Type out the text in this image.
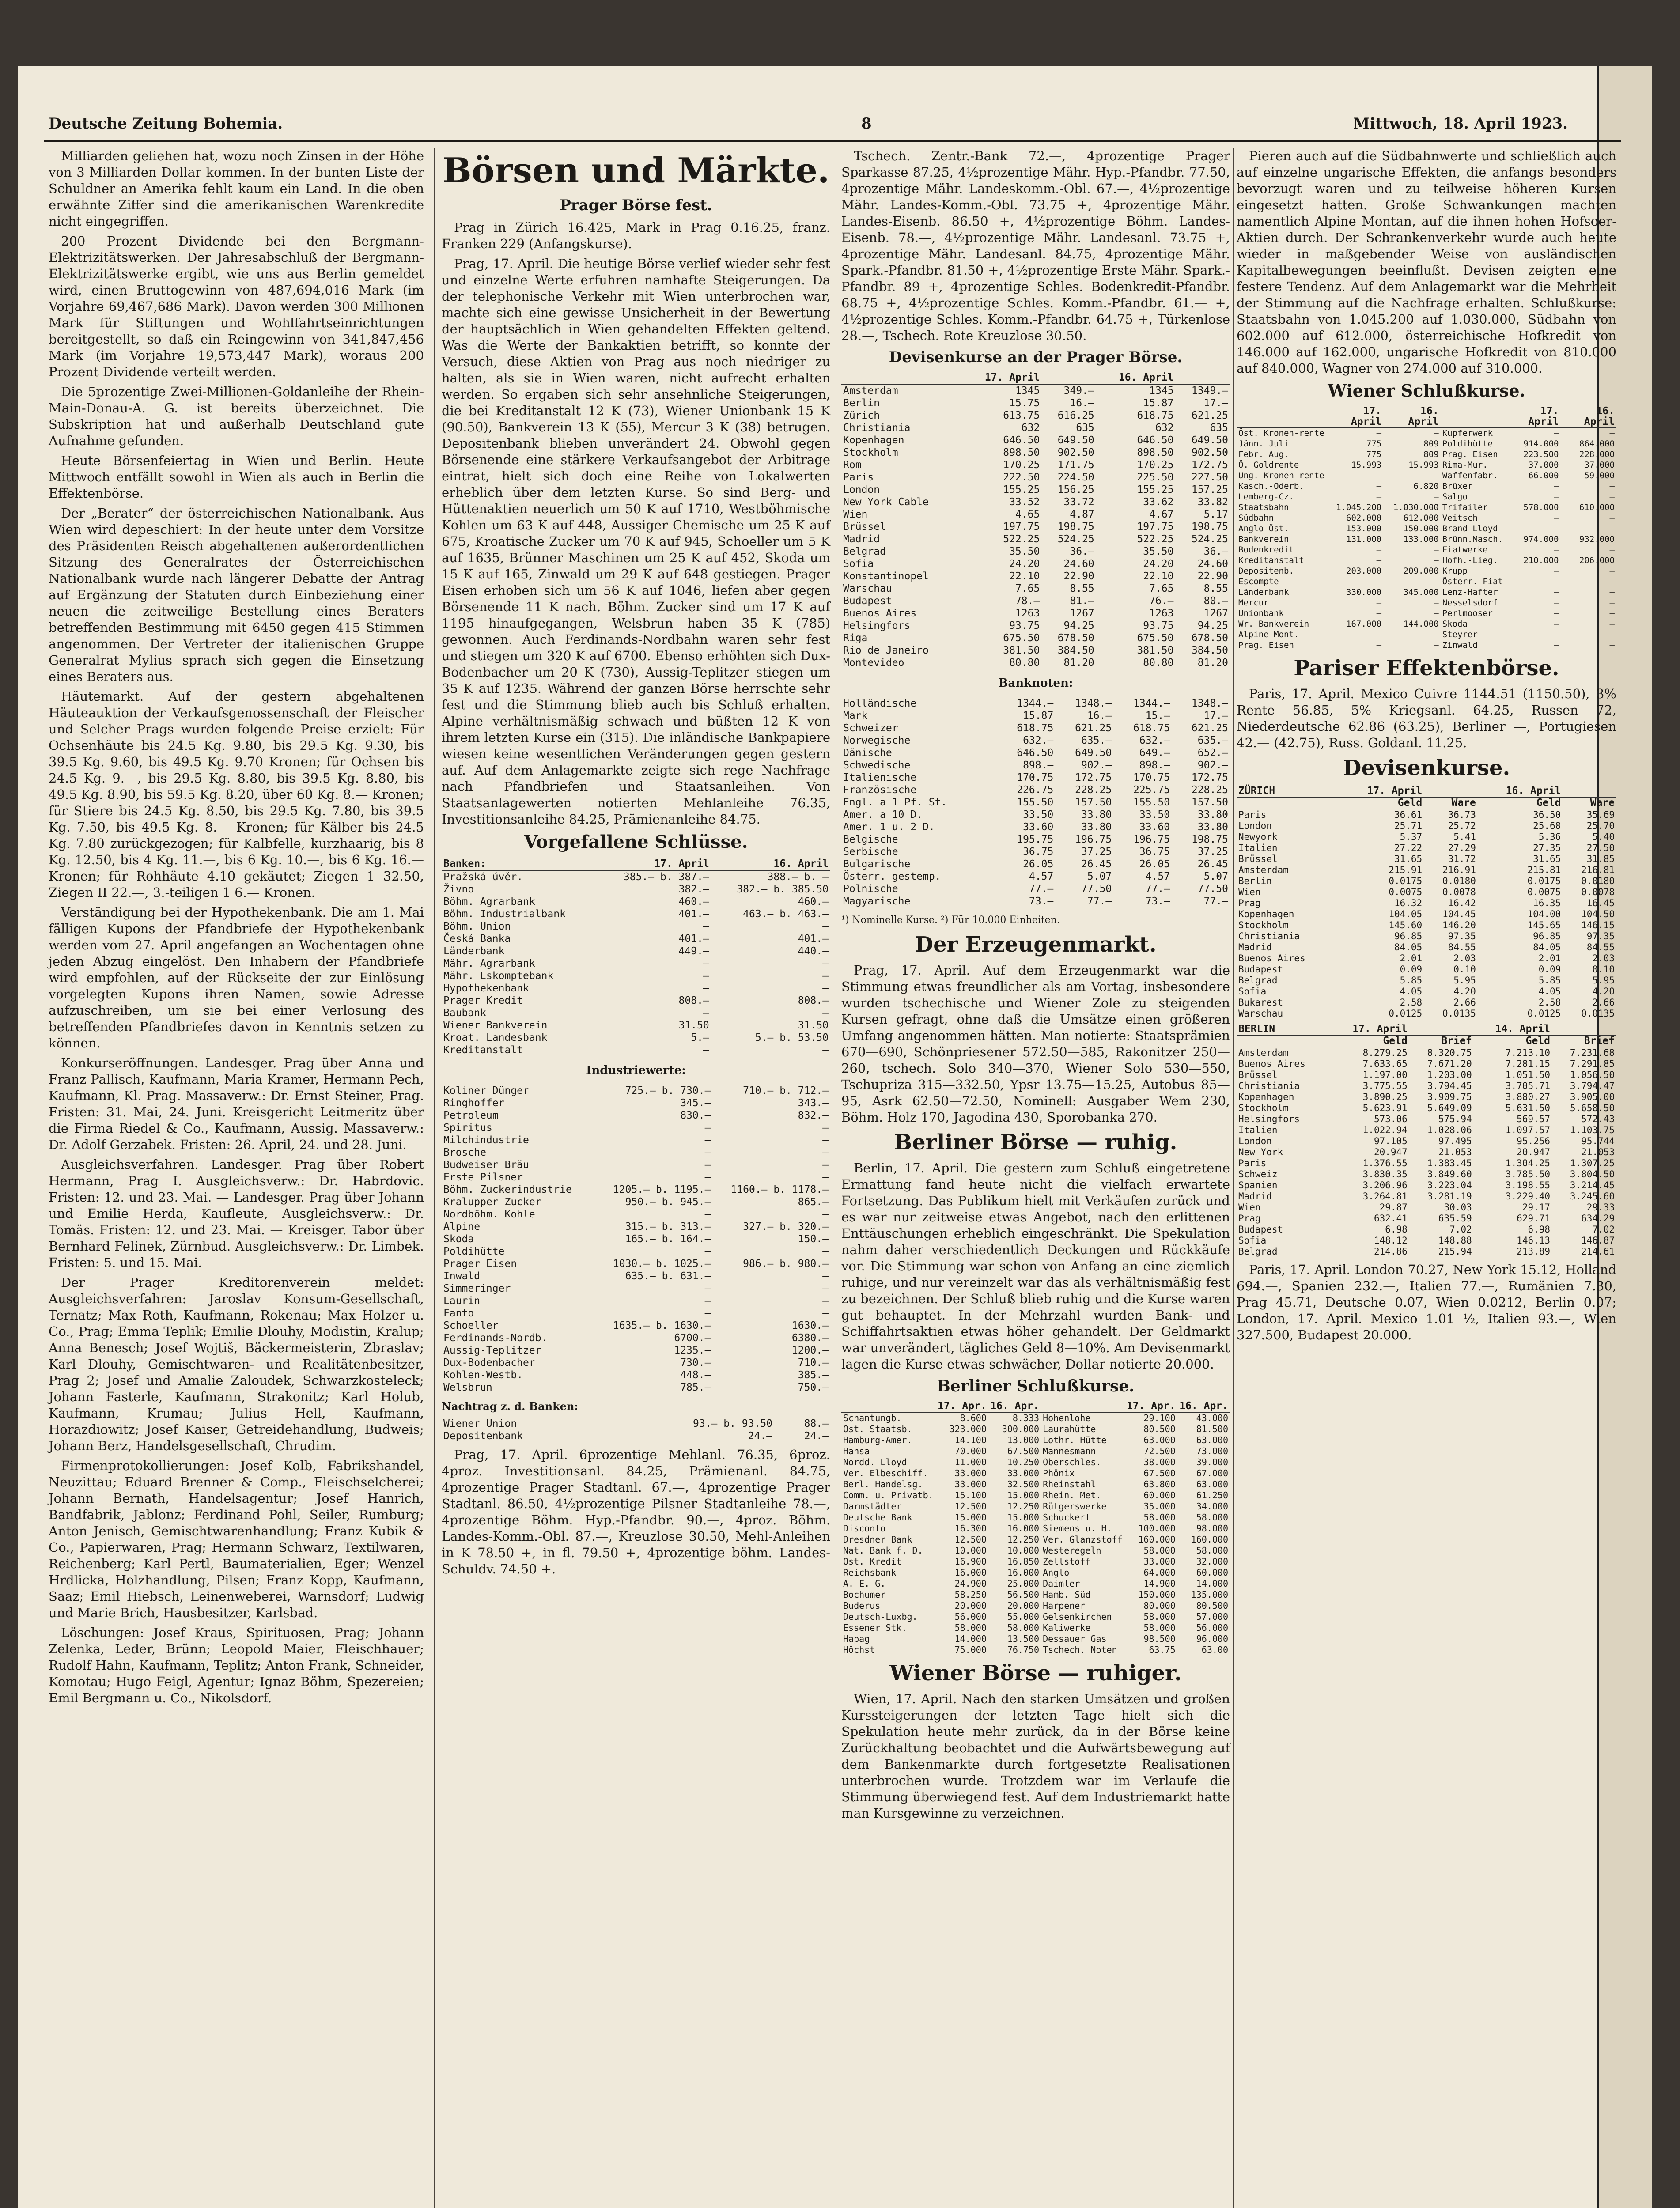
Deutsche Zeitung Bohemia.	8	Mittwoch, 18. April 1923.

Milliarden geliehen hat, wozu noch Zinsen in der Höhe von 3 Milliarden Dollar kommen. In der bunten Liste der Schuldner an Amerika fehlt kaum ein Land. In die oben erwähnte Ziffer sind die amerikanischen Warenkredite nicht eingegriffen.

200 Prozent Dividende bei den Bergmann-Elektrizitätswerken. Der Jahresabschluß der Bergmann-Elektrizitätswerke ergibt, wie uns aus Berlin gemeldet wird, einen Bruttogewinn von 487,694,016 Mark (im Vorjahre 69,467,686 Mark). Davon werden 300 Millionen Mark für Stiftungen und Wohlfahrtseinrichtungen bereitgestellt, so daß ein Reingewinn von 341,847,456 Mark (im Vorjahre 19,573,447 Mark), woraus 200 Prozent Dividende verteilt werden.

Die 5prozentige Zwei-Millionen-Goldanleihe der Rhein-Main-Donau-A. G. ist bereits überzeichnet. Die Subskription hat und außerhalb Deutschland gute Aufnahme gefunden.

Heute Börsenfeiertag in Wien und Berlin. Heute Mittwoch entfällt sowohl in Wien als auch in Berlin die Effektenbörse.

Der „Berater“ der österreichischen Nationalbank. Aus Wien wird depeschiert: In der heute unter dem Vorsitze des Präsidenten Reisch abgehaltenen außerordentlichen Sitzung des Generalrates der Österreichischen Nationalbank wurde nach längerer Debatte der Antrag auf Ergänzung der Statuten durch Einbeziehung einer neuen die zeitweilige Bestellung eines Beraters betreffenden Bestimmung mit 6450 gegen 415 Stimmen angenommen. Der Vertreter der italienischen Gruppe Generalrat Mylius sprach sich gegen die Einsetzung eines Beraters aus.

Häutemarkt. Auf der gestern abgehaltenen Häuteauktion der Verkaufsgenossenschaft der Fleischer und Selcher Prags wurden folgende Preise erzielt: Für Ochsenhäute bis 24.5 Kg. 9.80, bis 29.5 Kg. 9.30, bis 39.5 Kg. 9.60, bis 49.5 Kg. 9.70 Kronen; für Ochsen bis 24.5 Kg. 9.—, bis 29.5 Kg. 8.80, bis 39.5 Kg. 8.80, bis 49.5 Kg. 8.90, bis 59.5 Kg. 8.20, über 60 Kg. 8.— Kronen; für Stiere bis 24.5 Kg. 8.50, bis 29.5 Kg. 7.80, bis 39.5 Kg. 7.50, bis 49.5 Kg. 8.— Kronen; für Kälber bis 24.5 Kg. 7.80 zurückgezogen; für Kalbfelle, kurzhaarig, bis 8 Kg. 12.50, bis 4 Kg. 11.—, bis 6 Kg. 10.—, bis 6 Kg. 16.— Kronen; für Rohhäute 4.10 gekäutet; Ziegen 1 32.50, Ziegen II 22.—, 3.-teiligen 1 6.— Kronen.

Verständigung bei der Hypothekenbank. Die am 1. Mai fälligen Kupons der Pfandbriefe der Hypothekenbank werden vom 27. April angefangen an Wochentagen ohne jeden Abzug eingelöst. Den Inhabern der Pfandbriefe wird empfohlen, auf der Rückseite der zur Einlösung vorgelegten Kupons ihren Namen, sowie Adresse aufzuschreiben, um sie bei einer Verlosung des betreffenden Pfandbriefes davon in Kenntnis setzen zu können.

Konkurseröffnungen. Landesger. Prag über Anna und Franz Pallisch, Kaufmann, Maria Kramer, Hermann Pech, Kaufmann, Kl. Prag. Massaverw.: Dr. Ernst Steiner, Prag. Fristen: 31. Mai, 24. Juni. Kreisgericht Leitmeritz über die Firma Riedel & Co., Kaufmann, Aussig. Massaverw.: Dr. Adolf Gerzabek. Fristen: 26. April, 24. und 28. Juni.

Ausgleichsverfahren. Landesger. Prag über Robert Hermann, Prag I. Ausgleichsverw.: Dr. Habrdovic. Fristen: 12. und 23. Mai. — Landesger. Prag über Johann und Emilie Herda, Kaufleute, Ausgleichsverw.: Dr. Tomäs. Fristen: 12. und 23. Mai. — Kreisger. Tabor über Bernhard Felinek, Zürnbud. Ausgleichsverw.: Dr. Limbek. Fristen: 5. und 15. Mai.

Der Prager Kreditorenverein meldet: Ausgleichsverfahren: Jaroslav Konsum-Gesellschaft, Ternatz; Max Roth, Kaufmann, Rokenau; Max Holzer u. Co., Prag; Emma Teplik; Emilie Dlouhy, Modistin, Kralup; Anna Benesch; Josef Wojtiš, Bäckermeisterin, Zbraslav; Karl Dlouhy, Gemischtwaren- und Realitätenbesitzer, Prag 2; Josef und Amalie Zaloudek, Schwarzkosteleck; Johann Fasterle, Kaufmann, Strakonitz; Karl Holub, Kaufmann, Krumau; Julius Hell, Kaufmann, Horazdiowitz; Josef Kaiser, Getreidehandlung, Budweis; Johann Berz, Handelsgesellschaft, Chrudim.

Firmenprotokollierungen: Josef Kolb, Fabrikshandel, Neuzittau; Eduard Brenner & Comp., Fleischselcherei; Johann Bernath, Handelsagentur; Josef Hanrich, Bandfabrik, Jablonz; Ferdinand Pohl, Seiler, Rumburg; Anton Jenisch, Gemischtwarenhandlung; Franz Kubik & Co., Papierwaren, Prag; Hermann Schwarz, Textilwaren, Reichenberg; Karl Pertl, Baumaterialien, Eger; Wenzel Hrdlicka, Holzhandlung, Pilsen; Franz Kopp, Kaufmann, Saaz; Emil Hiebsch, Leinenweberei, Warnsdorf; Ludwig und Marie Brich, Hausbesitzer, Karlsbad.

Löschungen: Josef Kraus, Spirituosen, Prag; Johann Zelenka, Leder, Brünn; Leopold Maier, Fleischhauer; Rudolf Hahn, Kaufmann, Teplitz; Anton Frank, Schneider, Komotau; Hugo Feigl, Agentur; Ignaz Böhm, Spezereien; Emil Bergmann u. Co., Nikolsdorf.

Börsen und Märkte.
Prager Börse fest.

Prag in Zürich 16.425, Mark in Prag 0.16.25, franz. Franken 229 (Anfangskurse).

Prag, 17. April. Die heutige Börse verlief wieder sehr fest und einzelne Werte erfuhren namhafte Steigerungen. Da der telephonische Verkehr mit Wien unterbrochen war, machte sich eine gewisse Unsicherheit in der Bewertung der hauptsächlich in Wien gehandelten Effekten geltend. Was die Werte der Bankaktien betrifft, so konnte der Versuch, diese Aktien von Prag aus noch niedriger zu halten, als sie in Wien waren, nicht aufrecht erhalten werden. So ergaben sich sehr ansehnliche Steigerungen, die bei Kreditanstalt 12 K (73), Wiener Unionbank 15 K (90.50), Bankverein 13 K (55), Mercur 3 K (38) betrugen. Depositenbank blieben unverändert 24. Obwohl gegen Börsenende eine stärkere Verkaufsangebot der Arbitrage eintrat, hielt sich doch eine Reihe von Lokalwerten erheblich über dem letzten Kurse. So sind Berg- und Hüttenaktien neuerlich um 50 K auf 1710, Westböhmische Kohlen um 63 K auf 448, Aussiger Chemische um 25 K auf 675, Kroatische Zucker um 70 K auf 945, Schoeller um 5 K auf 1635, Brünner Maschinen um 25 K auf 452, Skoda um 15 K auf 165, Zinwald um 29 K auf 648 gestiegen. Prager Eisen erhoben sich um 56 K auf 1046, liefen aber gegen Börsenende 11 K nach. Böhm. Zucker sind um 17 K auf 1195 hinaufgegangen, Welsbrun haben 35 K (785) gewonnen. Auch Ferdinands-Nordbahn waren sehr fest und stiegen um 320 K auf 6700. Ebenso erhöhten sich Dux-Bodenbacher um 20 K (730), Aussig-Teplitzer stiegen um 35 K auf 1235. Während der ganzen Börse herrschte sehr fest und die Stimmung blieb auch bis Schluß erhalten. Alpine verhältnismäßig schwach und büßten 12 K von ihrem letzten Kurse ein (315). Die inländische Bankpapiere wiesen keine wesentlichen Veränderungen gegen gestern auf. Auf dem Anlagemarkte zeigte sich rege Nachfrage nach Pfandbriefen und Staatsanleihen. Von Staatsanlagewerten notierten Mehlanleihe 76.35, Investitionsanleihe 84.25, Prämienanleihe 84.75.

Vorgefallene Schlüsse.
Banken:	17. April	16. April
Pražská úvěr.	385.— b. 387.—	388.— b. —
Živno	382.—	382.— b. 385.50
Böhm. Agrarbank	460.—	460.—
Böhm. Industrialbank	401.—	463.— b. 463.—
Böhm. Union	—	—
Česká Banka	401.—	401.—
Länderbank	449.—	440.—
Mähr. Agrarbank	—	—
Mähr. Eskomptebank	—	—
Hypothekenbank	—	—
Prager Kredit	808.—	808.—
Baubank	—	—
Wiener Bankverein	31.50	31.50
Kroat. Landesbank	5.—	5.— b. 53.50
Kreditanstalt	—	—
Industriewerte:
Koliner Dünger	725.— b. 730.—	710.— b. 712.—
Ringhoffer	345.—	343.—
Petroleum	830.—	832.—
Spiritus	—	—
Milchindustrie	—	—
Brosche	—	—
Budweiser Bräu	—	—
Erste Pilsner	—	—
Böhm. Zuckerindustrie	1205.— b. 1195.—	1160.— b. 1178.—
Kralupper Zucker	950.— b. 945.—	865.—
Nordböhm. Kohle	—	—
Alpine	315.— b. 313.—	327.— b. 320.—
Skoda	165.— b. 164.—	150.—
Poldihütte	—	—
Prager Eisen	1030.— b. 1025.—	986.— b. 980.—
Inwald	635.— b. 631.—	—
Simmeringer	—	—
Laurin	—	—
Fanto	—	—
Schoeller	1635.— b. 1630.—	1630.—
Ferdinands-Nordb.	6700.—	6380.—
Aussig-Teplitzer	1235.—	1200.—
Dux-Bodenbacher	730.—	710.—
Kohlen-Westb.	448.—	385.—
Welsbrun	785.—	750.—
Nachtrag z. d. Banken:
Wiener Union	93.— b. 93.50	88.—
Depositenbank	24.—	24.—

Prag, 17. April. 6prozentige Mehlanl. 76.35, 6proz. 4proz. Investitionsanl. 84.25, Prämienanl. 84.75, 4prozentige Prager Stadtanl. 67.—, 4prozentige Prager Stadtanl. 86.50, 4½prozentige Pilsner Stadtanleihe 78.—, 4prozentige Böhm. Hyp.-Pfandbr. 90.—, 4proz. Böhm. Landes-Komm.-Obl. 87.—, Kreuzlose 30.50, Mehl-Anleihen in K 78.50 +, in fl. 79.50 +, 4prozentige böhm. Landes-Schuldv. 74.50 +.

Tschech. Zentr.-Bank 72.—, 4prozentige Prager Sparkasse 87.25, 4½prozentige Mähr. Hyp.-Pfandbr. 77.50, 4prozentige Mähr. Landeskomm.-Obl. 67.—, 4½prozentige Mähr. Landes-Komm.-Obl. 73.75 +, 4prozentige Mähr. Landes-Eisenb. 86.50 +, 4½prozentige Böhm. Landes-Eisenb. 78.—, 4½prozentige Mähr. Landesanl. 73.75 +, 4prozentige Mähr. Landesanl. 84.75, 4prozentige Mähr. Spark.-Pfandbr. 81.50 +, 4½prozentige Erste Mähr. Spark.-Pfandbr. 89 +, 4prozentige Schles. Bodenkredit-Pfandbr. 68.75 +, 4½prozentige Schles. Komm.-Pfandbr. 61.— +, 4½prozentige Schles. Komm.-Pfandbr. 64.75 +, Türkenlose 28.—, Tschech. Rote Kreuzlose 30.50.

Devisenkurse an der Prager Börse.
	17. April		16. April	
Amsterdam	1345	349.—	1345	1349.—
Berlin	15.75	16.—	15.87	17.—
Zürich	613.75	616.25	618.75	621.25
Christiania	632	635	632	635
Kopenhagen	646.50	649.50	646.50	649.50
Stockholm	898.50	902.50	898.50	902.50
Rom	170.25	171.75	170.25	172.75
Paris	222.50	224.50	225.50	227.50
London	155.25	156.25	155.25	157.25
New York Cable	33.52	33.72	33.62	33.82
Wien	4.65	4.87	4.67	5.17
Brüssel	197.75	198.75	197.75	198.75
Madrid	522.25	524.25	522.25	524.25
Belgrad	35.50	36.—	35.50	36.—
Sofia	24.20	24.60	24.20	24.60
Konstantinopel	22.10	22.90	22.10	22.90
Warschau	7.65	8.55	7.65	8.55
Budapest	78.—	81.—	76.—	80.—
Buenos Aires	1263	1267	1263	1267
Helsingfors	93.75	94.25	93.75	94.25
Riga	675.50	678.50	675.50	678.50
Rio de Janeiro	381.50	384.50	381.50	384.50
Montevideo	80.80	81.20	80.80	81.20
Banknoten:
Holländische	1344.—	1348.—	1344.—	1348.—
Mark	15.87	16.—	15.—	17.—
Schweizer	618.75	621.25	618.75	621.25
Norwegische	632.—	635.—	632.—	635.—
Dänische	646.50	649.50	649.—	652.—
Schwedische	898.—	902.—	898.—	902.—
Italienische	170.75	172.75	170.75	172.75
Französische	226.75	228.25	225.75	228.25
Engl. a 1 Pf. St.	155.50	157.50	155.50	157.50
Amer. a 10 D.	33.50	33.80	33.50	33.80
Amer. 1 u. 2 D.	33.60	33.80	33.60	33.80
Belgische	195.75	196.75	196.75	198.75
Serbische	36.75	37.25	36.75	37.25
Bulgarische	26.05	26.45	26.05	26.45
Österr. gestemp.	4.57	5.07	4.57	5.07
Polnische	77.—	77.50	77.—	77.50
Magyarische	73.—	77.—	73.—	77.—
¹) Nominelle Kurse. ²) Für 10.000 Einheiten.
Der Erzeugenmarkt.

Prag, 17. April. Auf dem Erzeugenmarkt war die Stimmung etwas freundlicher als am Vortag, insbesondere wurden tschechische und Wiener Zole zu steigenden Kursen gefragt, ohne daß die Umsätze einen größeren Umfang angenommen hätten. Man notierte: Staatsprämien 670—690, Schönpriesener 572.50—585, Rakonitzer 250—260, tschech. Solo 340—370, Wiener Solo 530—550, Tschupriza 315—332.50, Ypsr 13.75—15.25, Autobus 85—95, Asrk 62.50—72.50, Nominell: Ausgaber Wem 230, Böhm. Holz 170, Jagodina 430, Sporobanka 270.

Berliner Börse — ruhig.

Berlin, 17. April. Die gestern zum Schluß eingetretene Ermattung fand heute nicht die vielfach erwartete Fortsetzung. Das Publikum hielt mit Verkäufen zurück und es war nur zeitweise etwas Angebot, nach den erlittenen Enttäuschungen erheblich eingeschränkt. Die Spekulation nahm daher verschiedentlich Deckungen und Rückkäufe vor. Die Stimmung war schon von Anfang an eine ziemlich ruhige, und nur vereinzelt war das als verhältnismäßig fest zu bezeichnen. Der Schluß blieb ruhig und die Kurse waren gut behauptet. In der Mehrzahl wurden Bank- und Schiffahrtsaktien etwas höher gehandelt. Der Geldmarkt war unverändert, tägliches Geld 8—10%. Am Devisenmarkt lagen die Kurse etwas schwächer, Dollar notierte 20.000.

Berliner Schlußkurse.
	17. Apr.	16. Apr.		17. Apr.	16. Apr.
Schantungb.	8.600	8.333	Hohenlohe	29.100	43.000
Ost. Staatsb.	323.000	300.000	Laurahütte	80.500	81.500
Hamburg-Amer.	14.100	13.000	Lothr. Hütte	63.000	63.000
Hansa	70.000	67.500	Mannesmann	72.500	73.000
Nordd. Lloyd	11.000	10.250	Oberschles.	38.000	39.000
Ver. Elbeschiff.	33.000	33.000	Phönix	67.500	67.000
Berl. Handelsg.	33.000	32.500	Rheinstahl	63.800	63.000
Comm. u. Privatb.	15.100	15.000	Rhein. Met.	60.000	61.250
Darmstädter	12.500	12.250	Rütgerswerke	35.000	34.000
Deutsche Bank	15.000	15.000	Schuckert	58.000	58.000
Disconto	16.300	16.000	Siemens u. H.	100.000	98.000
Dresdner Bank	12.500	12.250	Ver. Glanzstoff	160.000	160.000
Nat. Bank f. D.	10.000	10.000	Westeregeln	58.000	58.000
Ost. Kredit	16.900	16.850	Zellstoff	33.000	32.000
Reichsbank	16.000	16.000	Anglo	64.000	60.000
A. E. G.	24.900	25.000	Daimler	14.900	14.000
Bochumer	58.250	56.500	Hamb. Süd	150.000	135.000
Buderus	20.000	20.000	Harpener	80.000	80.500
Deutsch-Luxbg.	56.000	55.000	Gelsenkirchen	58.000	57.000
Essener Stk.	58.000	58.000	Kaliwerke	58.000	56.000
Hapag	14.000	13.500	Dessauer Gas	98.500	96.000
Höchst	75.000	76.750	Tschech. Noten	63.75	63.00
Wiener Börse — ruhiger.

Wien, 17. April. Nach den starken Umsätzen und großen Kurssteigerungen der letzten Tage hielt sich die Spekulation heute mehr zurück, da in der Börse keine Zurückhaltung beobachtet und die Aufwärtsbewegung auf dem Bankenmarkte durch fortgesetzte Realisationen unterbrochen wurde. Trotzdem war im Verlaufe die Stimmung überwiegend fest. Auf dem Industriemarkt hatte man Kursgewinne zu verzeichnen.

Pieren auch auf die Südbahnwerte und schließlich auch auf einzelne ungarische Effekten, die anfangs besonders bevorzugt waren und zu teilweise höheren Kursen eingesetzt hatten. Große Schwankungen machten namentlich Alpine Montan, auf die ihnen hohen Hofsoer-Aktien durch. Der Schrankenverkehr wurde auch heute wieder in maßgebender Weise von ausländischen Kapitalbewegungen beeinflußt. Devisen zeigten eine festere Tendenz. Auf dem Anlagemarkt war die Mehrheit der Stimmung auf die Nachfrage erhalten. Schlußkurse: Staatsbahn von 1.045.200 auf 1.030.000, Südbahn von 602.000 auf 612.000, österreichische Hofkredit von 146.000 auf 162.000, ungarische Hofkredit von 810.000 auf 840.000, Wagner von 274.000 auf 310.000.

Wiener Schlußkurse.
	17. April	16. April		17. April	16. April
Öst. Kronen-rente	—	—	Kupferwerk	—	—
Jänn. Juli	775	809	Poldihütte	914.000	864.000
Febr. Aug.	775	809	Prag. Eisen	223.500	228.000
Ö. Goldrente	15.993	15.993	Rima-Mur.	37.000	37.000
Ung. Kronen-rente	—	—	Waffenfabr.	66.000	59.000
Kasch.-Oderb.	—	6.820	Brüxer	—	—
Lemberg-Cz.	—	—	Salgo	—	—
Staatsbahn	1.045.200	1.030.000	Trifailer	578.000	610.000
Südbahn	602.000	612.000	Veitsch	—	—
Anglo-Öst.	153.000	150.000	Brand-Lloyd	—	—
Bankverein	131.000	133.000	Brünn.Masch.	974.000	932.000
Bodenkredit	—	—	Fiatwerke	—	—
Kreditanstalt	—	—	Hofh.-Lieg.	210.000	206.000
Depositenb.	203.000	209.000	Krupp	—	—
Escompte	—	—	Österr. Fiat	—	—
Länderbank	330.000	345.000	Lenz-Hafter	—	—
Mercur	—	—	Nesselsdorf	—	—
Unionbank	—	—	Perlmooser	—	—
Wr. Bankverein	167.000	144.000	Skoda	—	—
Alpine Mont.	—	—	Steyrer	—	—
Prag. Eisen	—	—	Zinwald	—	—
Pariser Effektenbörse.

Paris, 17. April. Mexico Cuivre 1144.51 (1150.50), 3% Rente 56.85, 5% Kriegsanl. 64.25, Russen 72, Niederdeutsche 62.86 (63.25), Berliner —, Portugiesen 42.— (42.75), Russ. Goldanl. 11.25.

Devisenkurse.
ZÜRICH	17. April		16. April	
	Geld	Ware	Geld	Ware
Paris	36.61	36.73	36.50	35.69
London	25.71	25.72	25.68	25.70
Newyork	5.37	5.41	5.36	5.40
Italien	27.22	27.29	27.35	27.50
Brüssel	31.65	31.72	31.65	31.85
Amsterdam	215.91	216.91	215.81	216.81
Berlin	0.0175	0.0180	0.0175	0.0180
Wien	0.0075	0.0078	0.0075	0.0078
Prag	16.32	16.42	16.35	16.45
Kopenhagen	104.05	104.45	104.00	104.50
Stockholm	145.60	146.20	145.65	146.15
Christiania	96.85	97.35	96.85	97.35
Madrid	84.05	84.55	84.05	84.55
Buenos Aires	2.01	2.03	2.01	2.03
Budapest	0.09	0.10	0.09	0.10
Belgrad	5.85	5.95	5.85	5.95
Sofia	4.05	4.20	4.05	4.20
Bukarest	2.58	2.66	2.58	2.66
Warschau	0.0125	0.0135	0.0125	0.0135
BERLIN	17. April		14. April	
	Geld	Brief	Geld	Brief
Amsterdam	8.279.25	8.320.75	7.213.10	7.231.68
Buenos Aires	7.633.65	7.671.20	7.281.15	7.291.85
Brüssel	1.197.00	1.203.00	1.051.50	1.056.50
Christiania	3.775.55	3.794.45	3.705.71	3.794.47
Kopenhagen	3.890.25	3.909.75	3.880.27	3.905.00
Stockholm	5.623.91	5.649.09	5.631.50	5.658.50
Helsingfors	573.06	575.94	569.57	572.43
Italien	1.022.94	1.028.06	1.097.57	1.103.75
London	97.105	97.495	95.256	95.744
New York	20.947	21.053	20.947	21.053
Paris	1.376.55	1.383.45	1.304.25	1.307.25
Schweiz	3.830.35	3.849.60	3.785.50	3.804.50
Spanien	3.206.96	3.223.04	3.198.55	3.214.45
Madrid	3.264.81	3.281.19	3.229.40	3.245.60
Wien	29.87	30.03	29.17	29.33
Prag	632.41	635.59	629.71	634.29
Budapest	6.98	7.02	6.98	7.02
Sofia	148.12	148.88	146.13	146.87
Belgrad	214.86	215.94	213.89	214.61

Paris, 17. April. London 70.27, New York 15.12, Holland 694.—, Spanien 232.—, Italien 77.—, Rumänien 7.30, Prag 45.71, Deutsche 0.07, Wien 0.0212, Berlin 0.07; London, 17. April. Mexico 1.01 ½, Italien 93.—, Wien 327.500, Budapest 20.000.
